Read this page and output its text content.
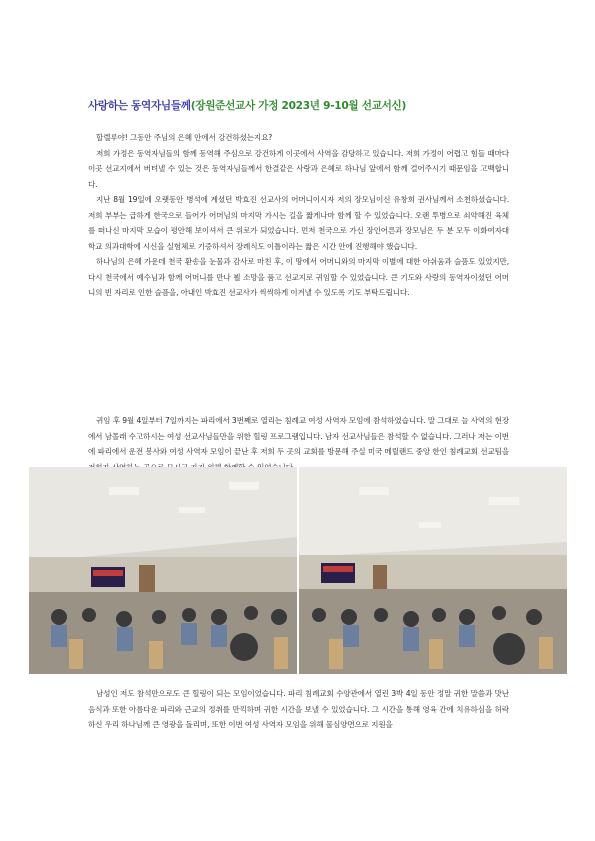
사랑하는 동역자님들께(장원준선교사 가정 2023년 9-10월 선교서신)

할렐루야! 그동안 주님의 은혜 안에서 강건하셨는지요?

저희 가정은 동역자님들의 함께 동역해 주심으로 강건하게 이곳에서 사역을 감당하고 있습니다. 저희 가정이 어렵고 힘들 때마다 이곳 선교지에서 버텨낼 수 있는 것은 동역자님들께서 한결같은 사랑과 은혜로 하나님 앞에서 함께 걸어주시기 때문임을 고백합니다.

지난 8월 19일에 오랫동안 병석에 계셨던 박효진 선교사의 어머니이시자 저의 장모님이신 유창희 권사님께서 소천하셨습니다. 저희 부부는 급하게 한국으로 들어가 어머님의 마지막 가시는 길을 짧게나마 함께 할 수 있었습니다. 오랜 투병으로 쇠약해진 육체를 떠나신 마지막 모습이 평안해 보이셔서 큰 위로가 되었습니다. 먼저 천국으로 가신 장인어른과 장모님은 두 분 모두 이화여자대학교 의과대학에 시신을 실험체로 기증하셔서 장례식도 이틀이라는 짧은 시간 안에 진행해야 했습니다.

하나님의 은혜 가운데 천국 환송을 눈물과 감사로 마친 후, 이 땅에서 어머니와의 마지막 이별에 대한 아쉬움과 슬픔도 있었지만, 다시 천국에서 예수님과 함께 어머니를 만나 뵐 소망을 품고 선교지로 귀임할 수 있었습니다. 큰 기도와 사랑의 동역자이셨던 어머니의 빈 자리로 인한 슬픔을, 아내인 박효진 선교사가 씩씩하게 이겨낼 수 있도록 기도 부탁드립니다.

귀임 후 9월 4일부터 7일까지는 파리에서 3번째로 열리는 침례교 여성 사역자 모임에 참석하였습니다. 말 그대로 늘 사역의 현장에서 남몰래 수고하시는 여성 선교사님들만을 위한 힐링 프로그램입니다. 남자 선교사님들은 참석할 수 없습니다. 그러나 저는 이번에 파리에서 운전 봉사와 여성 사역자 모임이 끝난 후 저희 두 곳의 교회를 방문해 주실 미국 메릴랜드 중앙 한인 침례교회 선교팀을

남성인 저도 참석만으로도 큰 힐링이 되는 모임이었습니다. 파리 침례교회 수양관에서 열린 3박 4일 동안 정말 귀한 말씀과 맛난 음식과 또한 아름다운 파리와 근교의 정취를 만끽하며 귀한 시간을 보낼 수 있었습니다. 그 시간을 통해 영육 간에 치유하심을 허락하신 우리 하나님께 큰 영광을 돌리며, 또한 이번 여성 사역자 모임을 위해 물심양면으로 지원을
